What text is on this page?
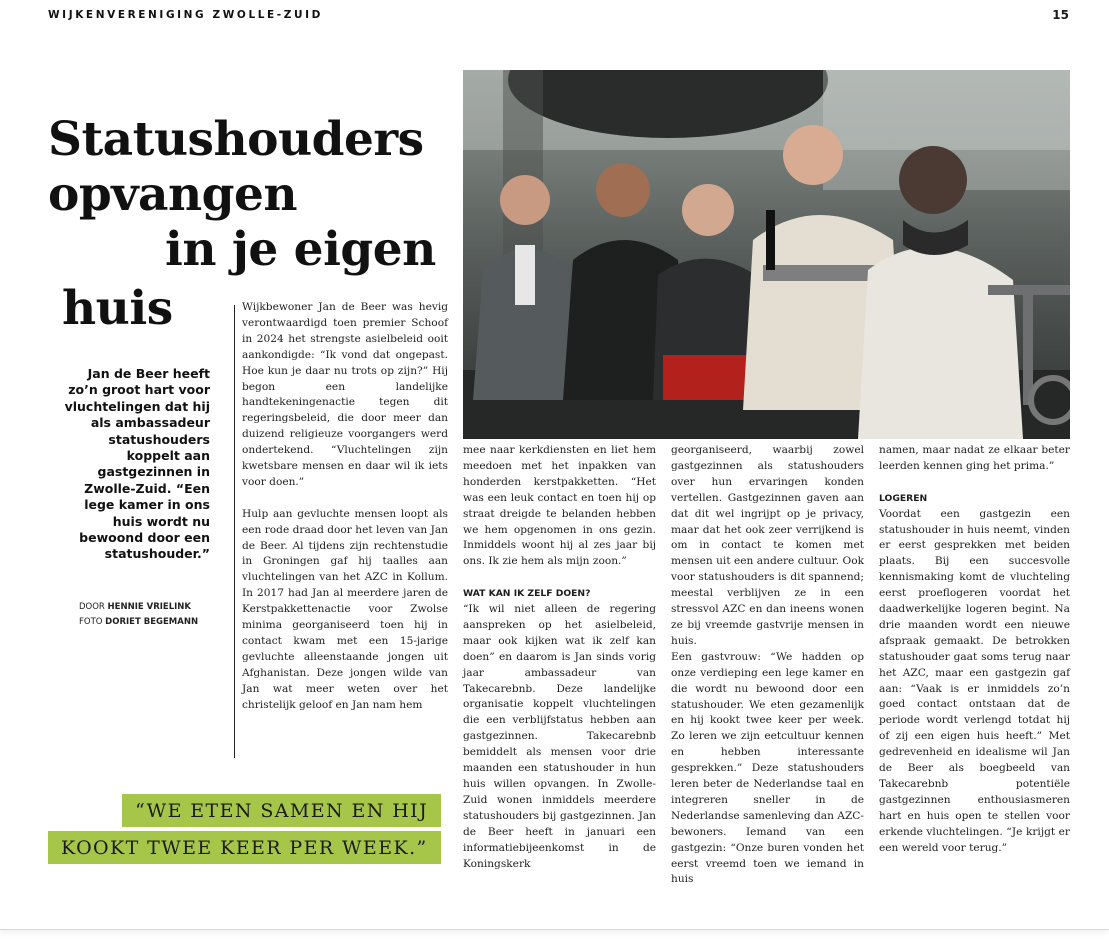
WIJKENVERENIGING ZWOLLE-ZUID	15
Statushouders
opvangen
in je eigen
huis
Jan de Beer heeft zo’n groot hart voor vluchtelingen dat hij als ambassadeur statushouders koppelt aan gastgezinnen in Zwolle-Zuid. “Een lege kamer in ons huis wordt nu bewoond door een statushouder.”
DOOR HENNIE VRIELINK
FOTO DORIET BEGEMANN

Wijkbewoner Jan de Beer was hevig verontwaardigd toen premier Schoof in 2024 het strengste asielbeleid ooit aankondigde: “Ik vond dat ongepast. Hoe kun je daar nu trots op zijn?” Hij begon een landelijke handtekeningenactie tegen dit regeringsbeleid, die door meer dan duizend religieuze voorgangers werd ondertekend. “Vluchtelingen zijn kwetsbare mensen en daar wil ik iets voor doen.”

Hulp aan gevluchte mensen loopt als een rode draad door het leven van Jan de Beer. Al tijdens zijn rechtenstudie in Groningen gaf hij taalles aan vluchtelingen van het AZC in Kollum. In 2017 had Jan al meerdere jaren de Kerstpakkettenactie voor Zwolse minima georganiseerd toen hij in contact kwam met een 15-jarige gevluchte alleenstaande jongen uit Afghanistan. Deze jongen wilde van Jan wat meer weten over het christelijk geloof en Jan nam hem

mee naar kerkdiensten en liet hem meedoen met het inpakken van honderden kerstpakketten. “Het was een leuk contact en toen hij op straat dreigde te belanden hebben we hem opgenomen in ons gezin. Inmiddels woont hij al zes jaar bij ons. Ik zie hem als mijn zoon.”

WAT KAN IK ZELF DOEN?

“Ik wil niet alleen de regering aanspreken op het asielbeleid, maar ook kijken wat ik zelf kan doen” en daarom is Jan sinds vorig jaar ambassadeur van Takecarebnb. Deze landelijke organisatie koppelt vluchtelingen die een verblijfstatus hebben aan gastgezinnen. Takecarebnb bemiddelt als mensen voor drie maanden een statushouder in hun huis willen opvangen. In Zwolle-Zuid wonen inmiddels meerdere statushouders bij gastgezinnen. Jan de Beer heeft in januari een informatiebijeenkomst in de Koningskerk

georganiseerd, waarbij zowel gastgezinnen als statushouders over hun ervaringen konden vertellen. Gastgezinnen gaven aan dat dit wel ingrijpt op je privacy, maar dat het ook zeer verrijkend is om in contact te komen met mensen uit een andere cultuur. Ook voor statushouders is dit spannend; meestal verblijven ze in een stressvol AZC en dan ineens wonen ze bij vreemde gastvrije mensen in huis.

Een gastvrouw: “We hadden op onze verdieping een lege kamer en die wordt nu bewoond door een statushouder. We eten gezamenlijk en hij kookt twee keer per week. Zo leren we zijn eetcultuur kennen en hebben interessante gesprekken.” Deze statushouders leren beter de Nederlandse taal en integreren sneller in de Nederlandse samenleving dan AZC-bewoners. Iemand van een gastgezin: “Onze buren vonden het eerst vreemd toen we iemand in huis

namen, maar nadat ze elkaar beter leerden kennen ging het prima.”

LOGEREN

Voordat een gastgezin een statushouder in huis neemt, vinden er eerst gesprekken met beiden plaats. Bij een succesvolle kennismaking komt de vluchteling eerst proeflogeren voordat het daadwerkelijke logeren begint. Na drie maanden wordt een nieuwe afspraak gemaakt. De betrokken statushouder gaat soms terug naar het AZC, maar een gastgezin gaf aan: “Vaak is er inmiddels zo’n goed contact ontstaan dat de periode wordt verlengd totdat hij of zij een eigen huis heeft.” Met gedrevenheid en idealisme wil Jan de Beer als boegbeeld van Takecarebnb potentiële gastgezinnen enthousiasmeren hart en huis open te stellen voor erkende vluchtelingen. “Je krijgt er een wereld voor terug.”

“WE ETEN SAMEN EN HIJ
KOOKT TWEE KEER PER WEEK.”
